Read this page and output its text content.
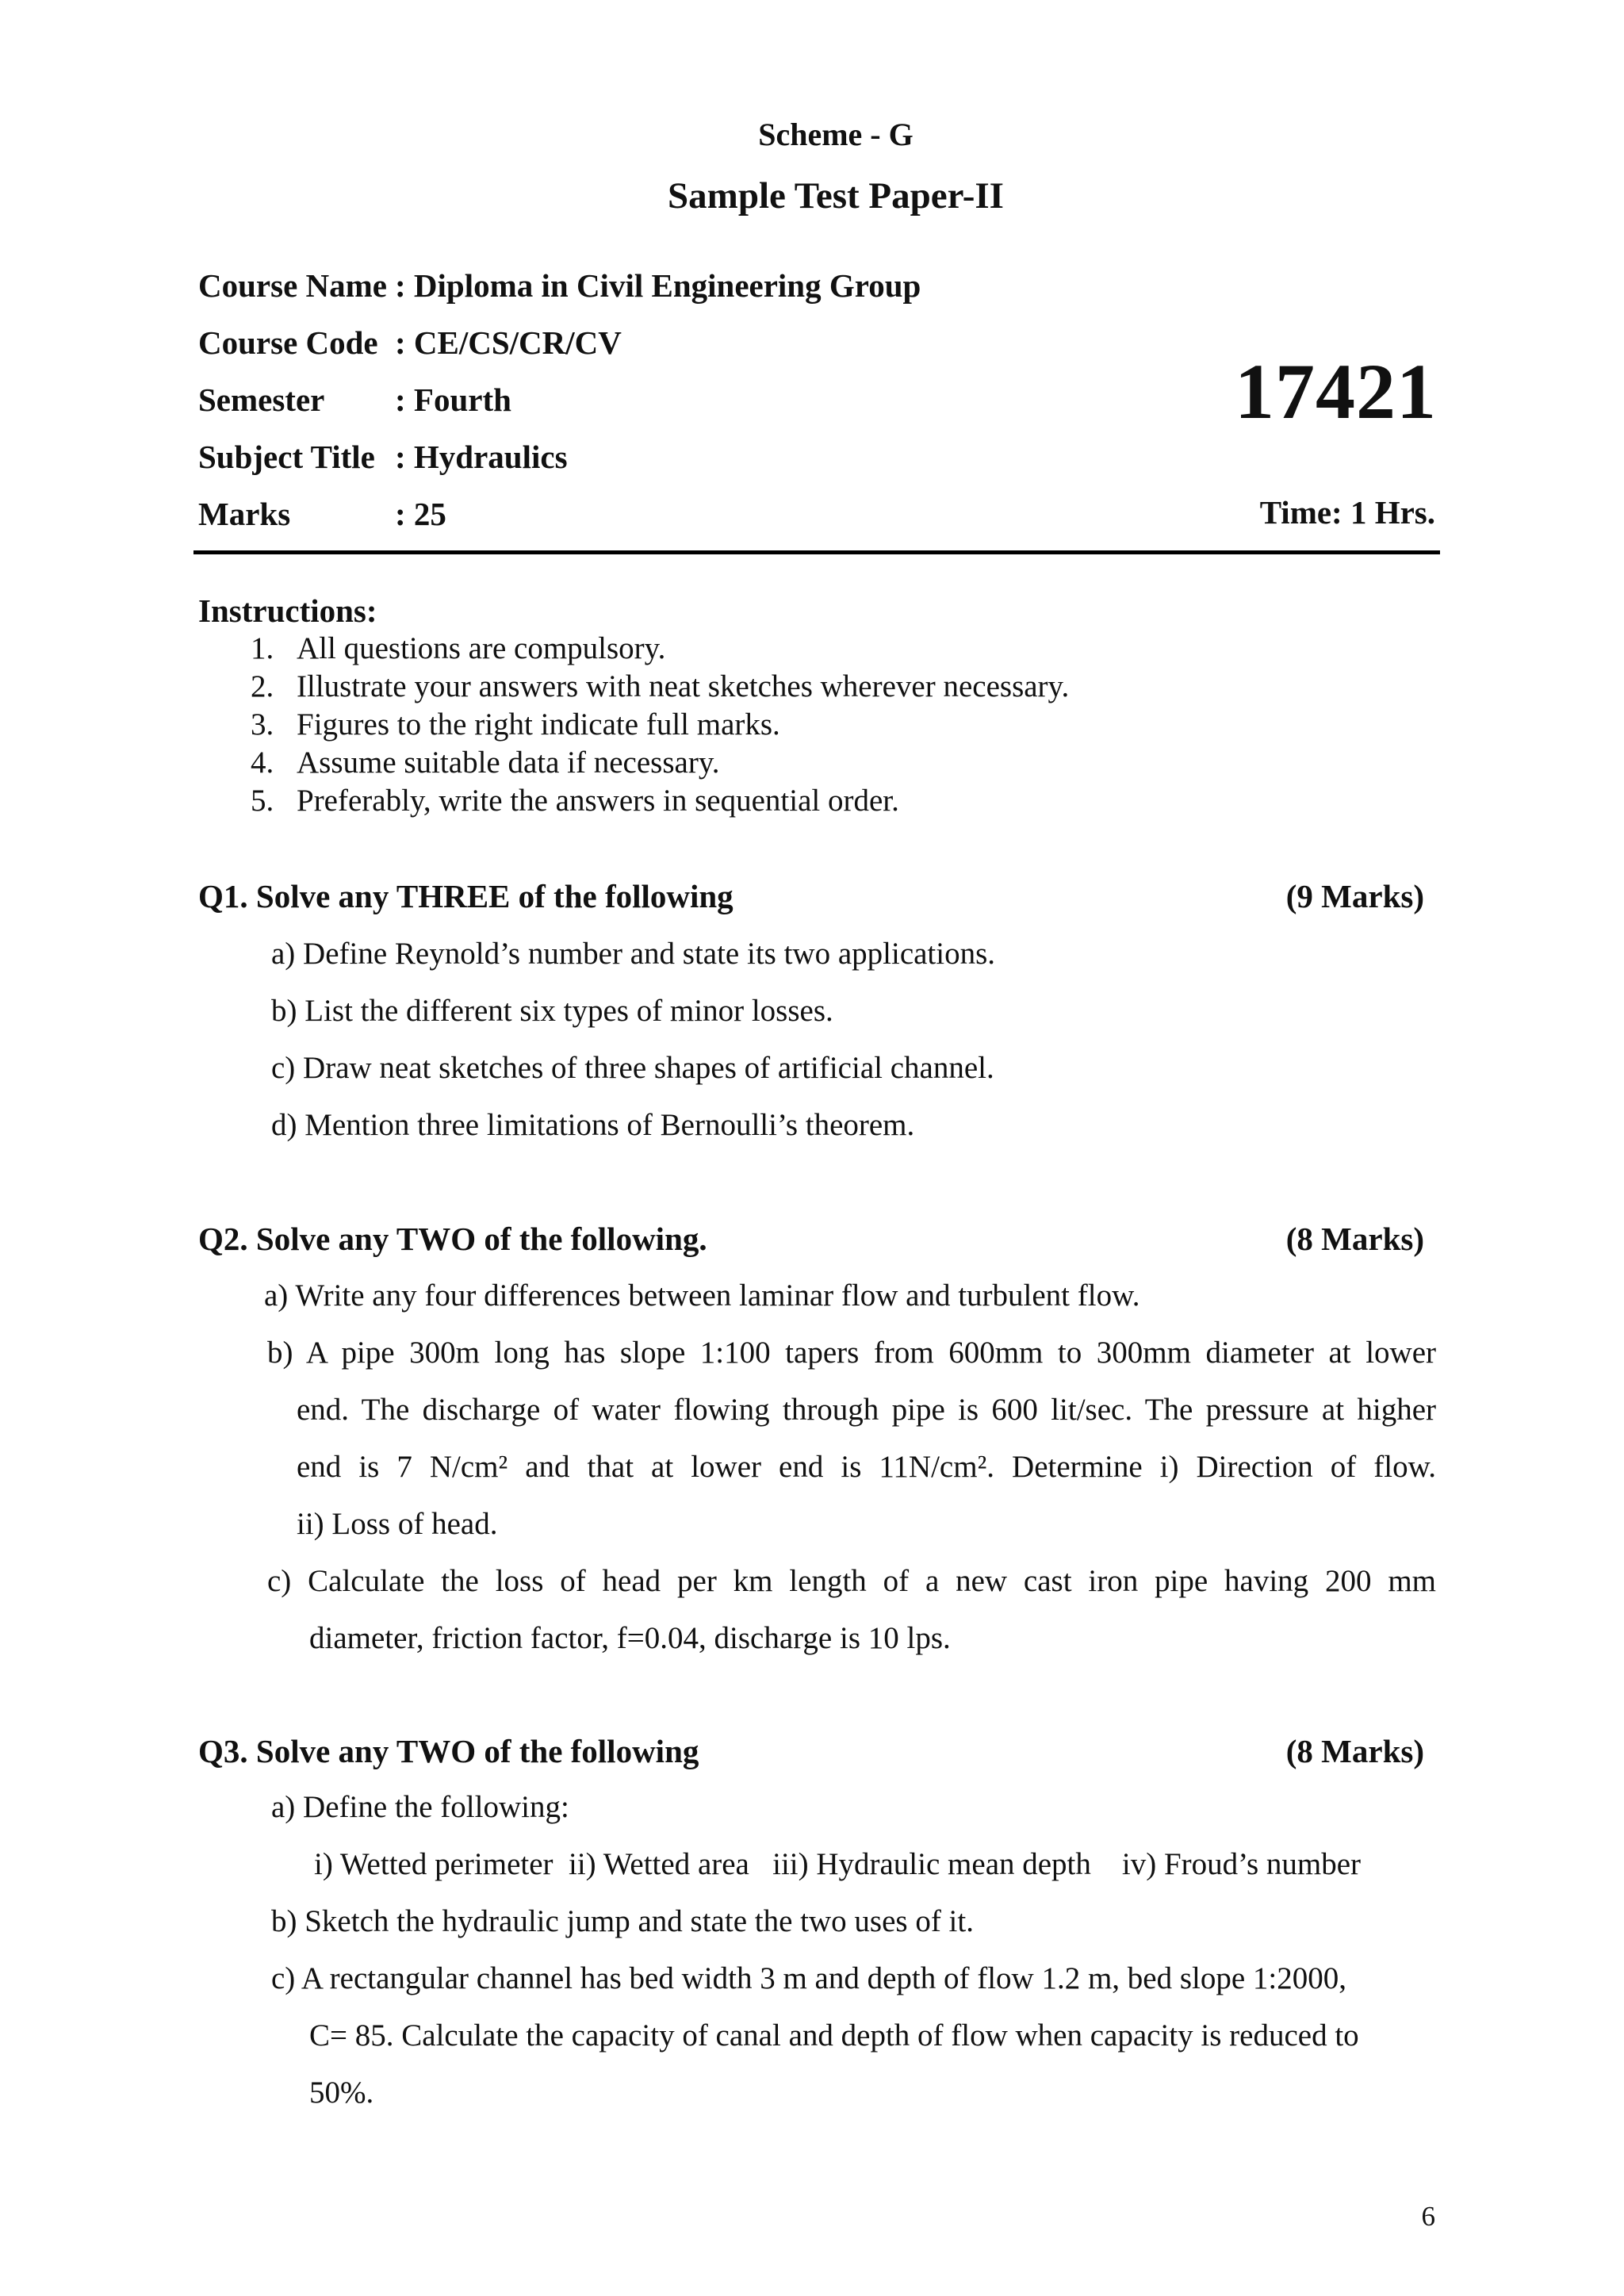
Scheme - G
Sample Test Paper-II
Course Name : Diploma in Civil Engineering Group
Course Code : CE/CS/CR/CV
Semester : Fourth
Subject Title : Hydraulics
Marks	: 25
17421
Time: 1 Hrs.
Instructions:
1. All questions are compulsory.
2. Illustrate your answers with neat sketches wherever necessary.
3. Figures to the right indicate full marks.
4. Assume suitable data if necessary.
5. Preferably, write the answers in sequential order.
Q1. Solve any THREE of the following	(9 Marks)
a) Define Reynold’s number and state its two applications.
b) List the different six types of minor losses.
c) Draw neat sketches of three shapes of artificial channel.
d) Mention three limitations of Bernoulli’s theorem.
Q2. Solve any TWO of the following.	(8 Marks)
a) Write any four differences between laminar flow and turbulent flow.
b) A pipe 300m long has slope 1:100 tapers from 600mm to 300mm diameter at lower
end. The discharge of water flowing through pipe is 600 lit/sec. The pressure at higher
end is 7 N/cm² and that at lower end is 11N/cm². Determine i) Direction of flow.
ii) Loss of head.
c) Calculate the loss of head per km length of a new cast iron pipe having 200 mm
diameter, friction factor, f=0.04, discharge is 10 lps.
Q3. Solve any TWO of the following	(8 Marks)
a) Define the following:
i) Wetted perimeter  ii) Wetted area   iii) Hydraulic mean depth    iv) Froud’s number
b) Sketch the hydraulic jump and state the two uses of it.
c) A rectangular channel has bed width 3 m and depth of flow 1.2 m, bed slope 1:2000,
C= 85. Calculate the capacity of canal and depth of flow when capacity is reduced to
50%.
6
